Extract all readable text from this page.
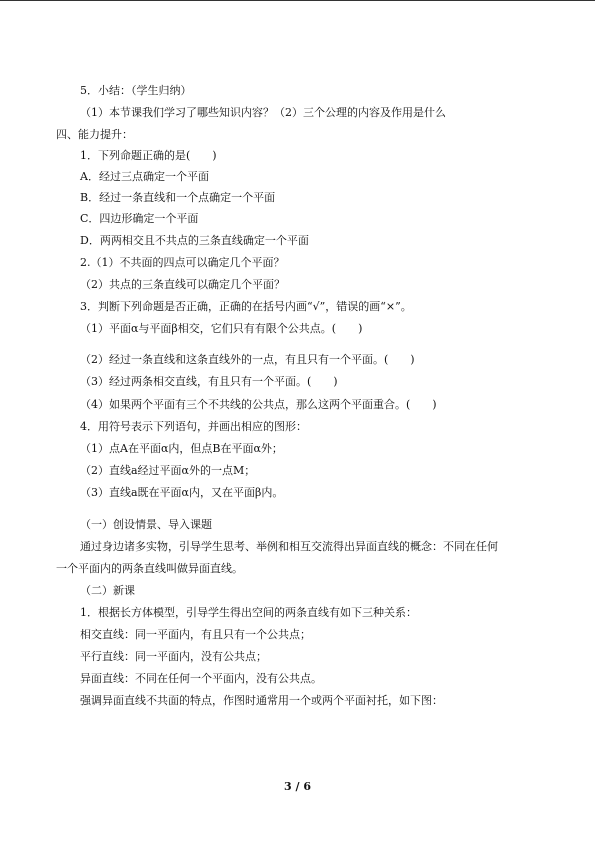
5．小结：（学生归纳）
（1）本节课我们学习了哪些知识内容？（2）三个公理的内容及作用是什么
四、能力提升：
1．下列命题正确的是(　　)
A．经过三点确定一个平面
B．经过一条直线和一个点确定一个平面
C．四边形确定一个平面
D．两两相交且不共点的三条直线确定一个平面
2.（1）不共面的四点可以确定几个平面？
（2）共点的三条直线可以确定几个平面？
3．判断下列命题是否正确，正确的在括号内画“√”，错误的画“×”。
（1）平面α与平面β相交，它们只有有限个公共点。(　　)
（2）经过一条直线和这条直线外的一点，有且只有一个平面。(　　)
（3）经过两条相交直线，有且只有一个平面。(　　)
（4）如果两个平面有三个不共线的公共点，那么这两个平面重合。(　　)
4．用符号表示下列语句，并画出相应的图形：
（1）点A在平面α内，但点B在平面α外；
（2）直线a经过平面α外的一点M；
（3）直线a既在平面α内，又在平面β内。
（一）创设情景、导入课题
通过身边诸多实物，引导学生思考、举例和相互交流得出异面直线的概念：不同在任何
一个平面内的两条直线叫做异面直线。
（二）新课
1．根据长方体模型，引导学生得出空间的两条直线有如下三种关系：
相交直线：同一平面内，有且只有一个公共点；
平行直线：同一平面内，没有公共点；
异面直线：不同在任何一个平面内，没有公共点。
强调异面直线不共面的特点，作图时通常用一个或两个平面衬托，如下图：
3 / 6
